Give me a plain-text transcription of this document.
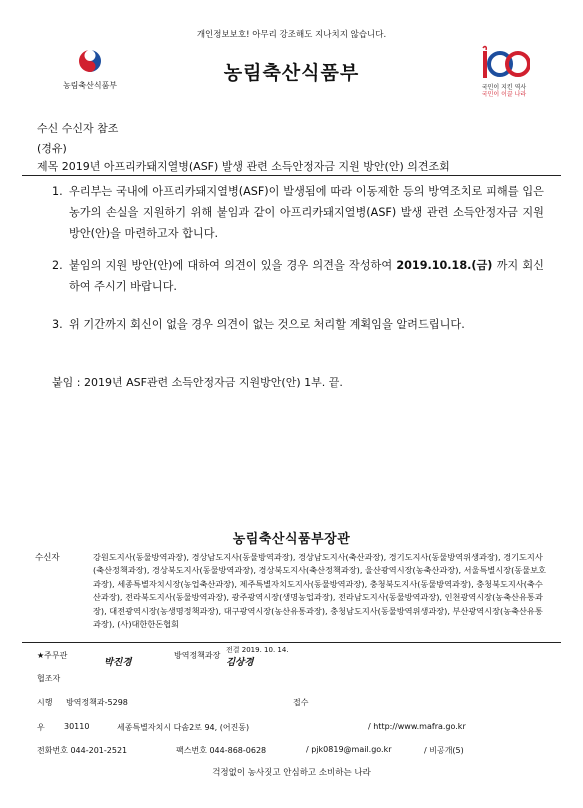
개인정보보호! 아무리 강조해도 지나치지 않습니다.
농림축산식품부
농림축산식품부
국민이 지킨 역사
국민이 이끌 나라
수신 수신자 참조
(경유)
제목 2019년 아프리카돼지열병(ASF) 발생 관련 소득안정자금 지원 방안(안) 의견조회
1. 우리부는 국내에 아프리카돼지열병(ASF)이 발생됨에 따라 이동제한 등의 방역조치로 피해를 입은 농가의 손실을 지원하기 위해 붙임과 같이 아프리카돼지열병(ASF) 발생 관련 소득안정자금 지원방안(안)을 마련하고자 합니다.
2. 붙임의 지원 방안(안)에 대하여 의견이 있을 경우 의견을 작성하여 2019.10.18.(금) 까지 회신하여 주시기 바랍니다.
3. 위 기간까지 회신이 없을 경우 의견이 없는 것으로 처리할 계획임을 알려드립니다.
붙임 : 2019년 ASF관련 소득안정자금 지원방안(안) 1부. 끝.
농림축산식품부장관
수신자	강원도지사(동물방역과장), 경상남도지사(동물방역과장), 경상남도지사(축산과장), 경기도지사(동물방역위생과장), 경기도지사(축산정책과장), 경상북도지사(동물방역과장), 경상북도지사(축산정책과장), 울산광역시장(농축산과장), 서울특별시장(동물보호과장), 세종특별자치시장(농업축산과장), 제주특별자치도지사(동물방역과장), 충청북도지사(동물방역과장), 충청북도지사(축수산과장), 전라북도지사(동물방역과장), 광주광역시장(생명농업과장), 전라남도지사(동물방역과장), 인천광역시장(농축산유통과장), 대전광역시장(농생명정책과장), 대구광역시장(농산유통과장), 충청남도지사(동물방역위생과장), 부산광역시장(농축산유통과장), (사)대한한돈협회
★주무관
박진경
방역정책과장
전결 2019. 10. 14.
김상경
협조자
시행 방역정책과-5298	접수
우 30110	세종특별자치시 다솜2로 94, (어진동)	/ http://www.mafra.go.kr
전화번호 044-201-2521	팩스번호 044-868-0628	/ pjk0819@mail.go.kr	/ 비공개(5)
걱정없이 농사짓고 안심하고 소비하는 나라
